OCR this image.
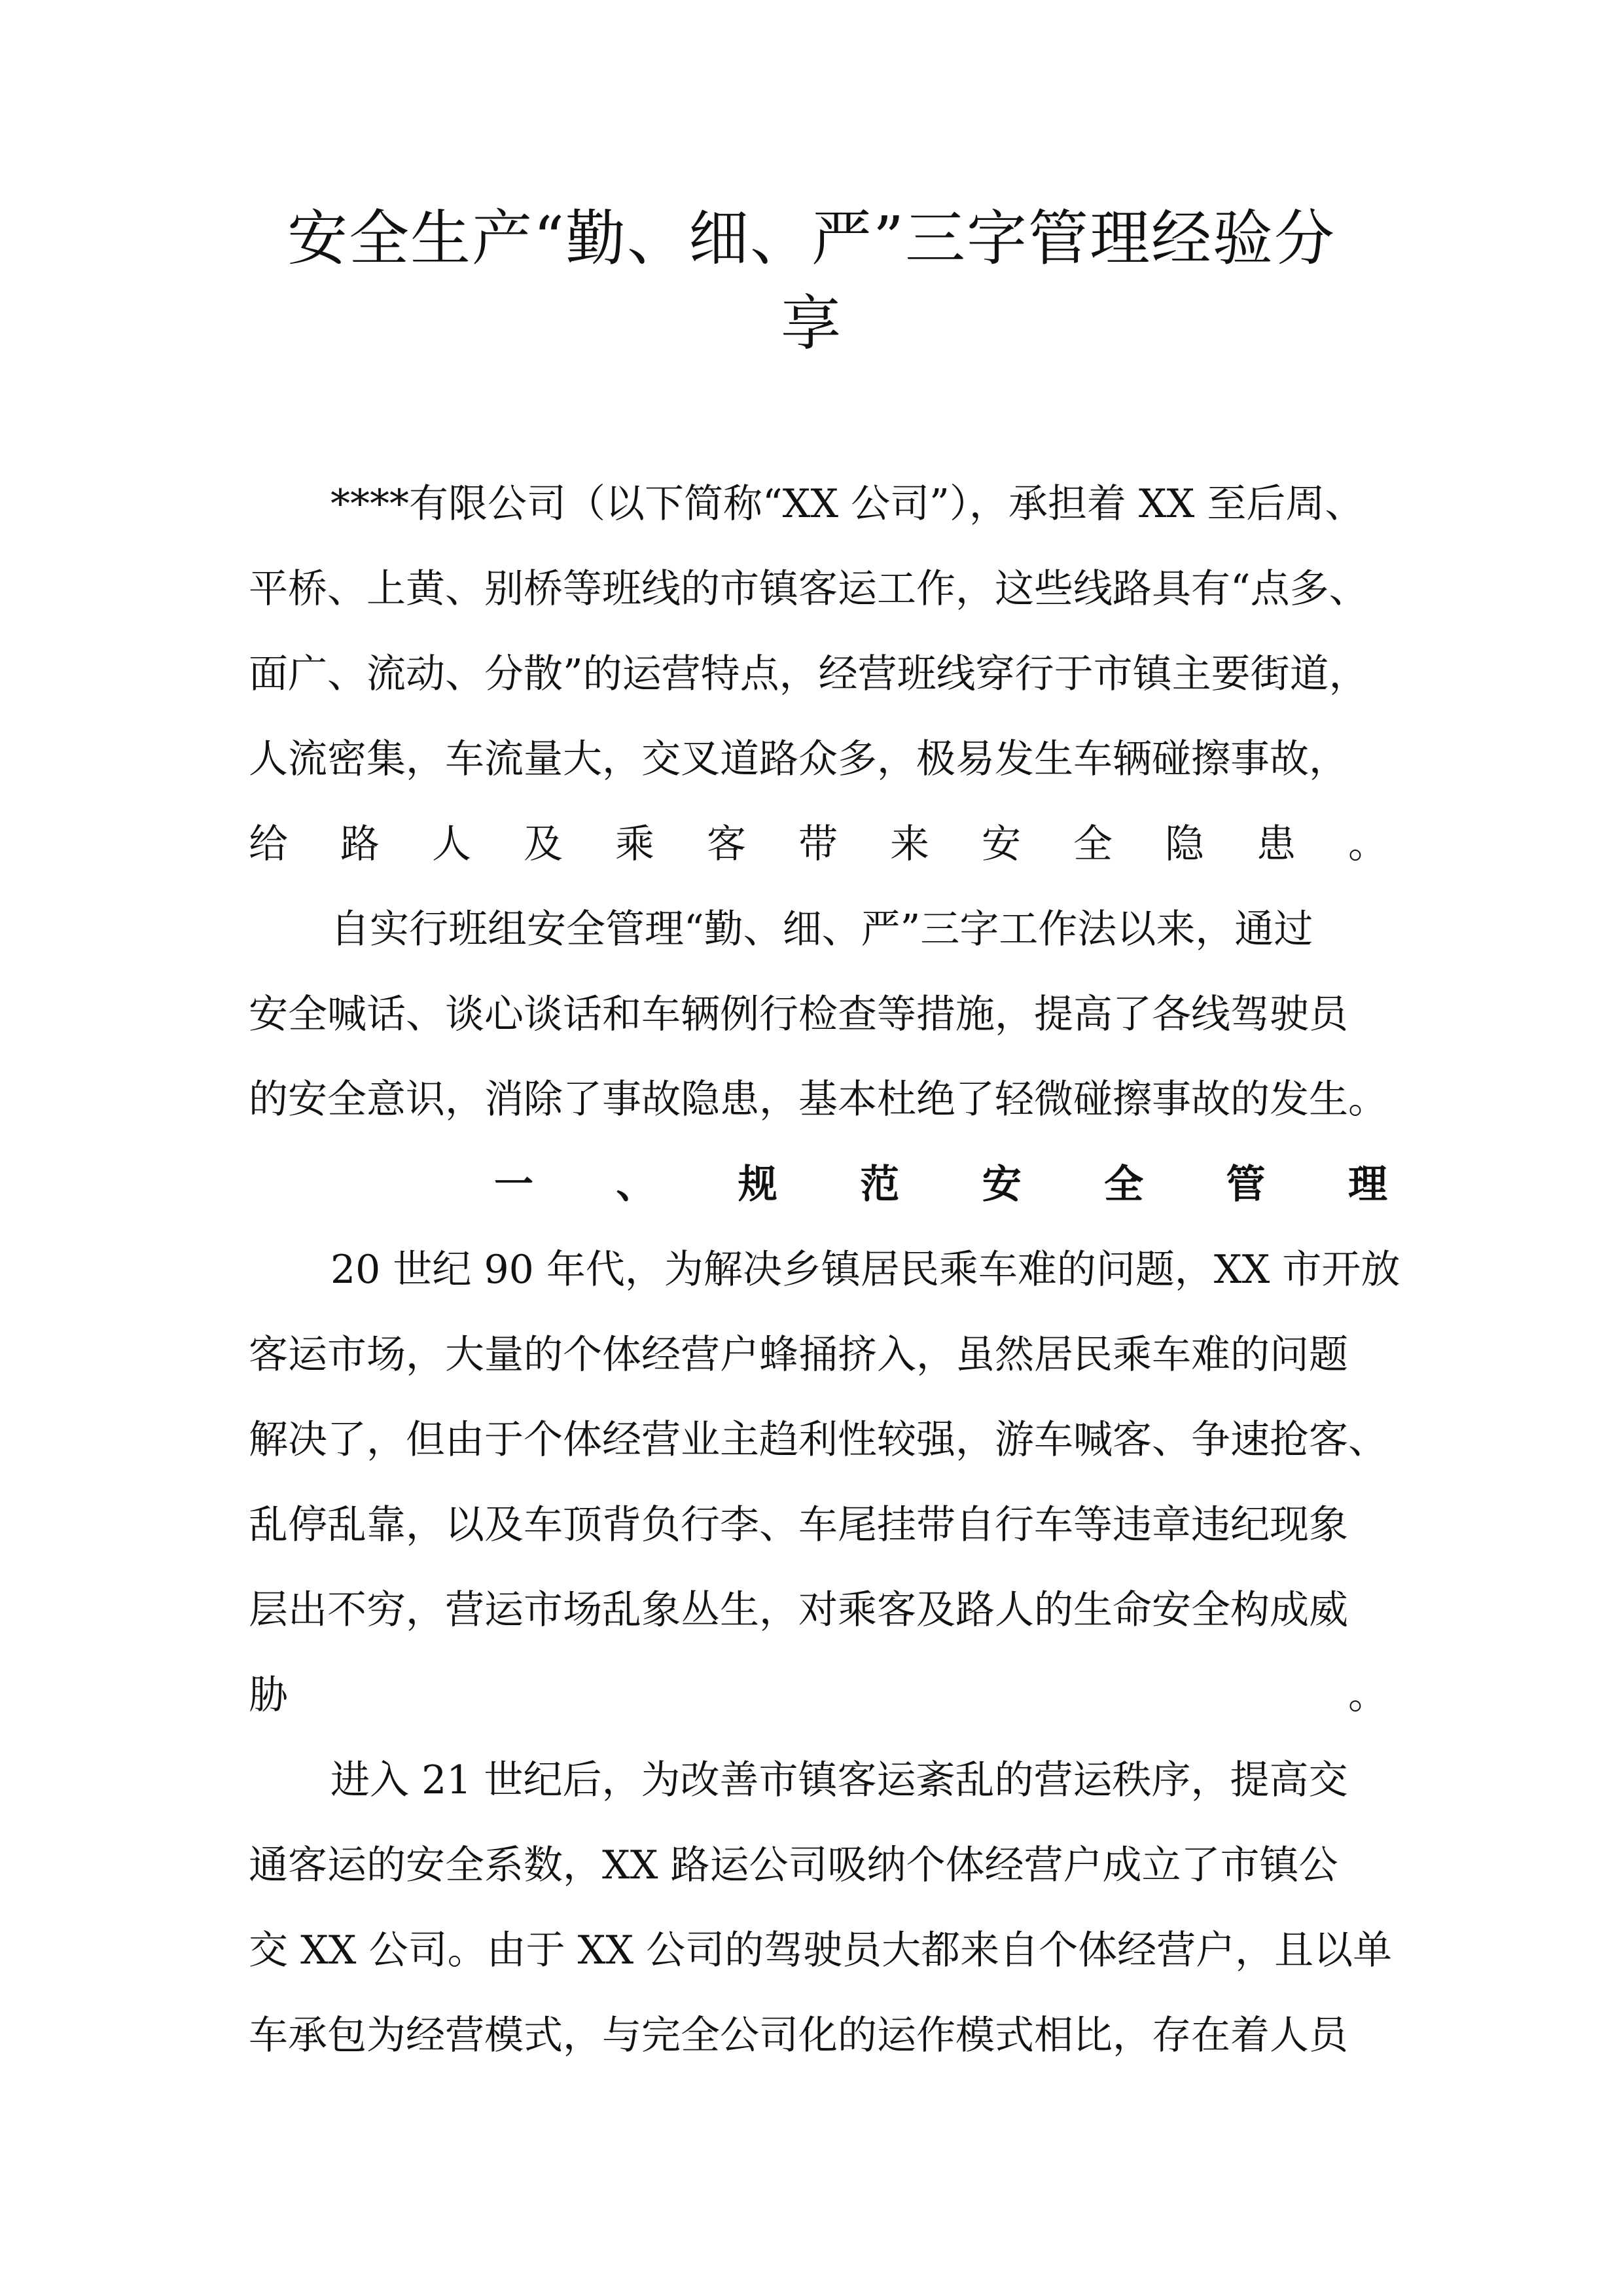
安全生产“勤、细、严”三字管理经验分
享
****有限公司（以下简称“XX 公司”），承担着 XX 至后周、
平桥、上黄、别桥等班线的市镇客运工作，这些线路具有“点多、
面广、流动、分散”的运营特点，经营班线穿行于市镇主要街道，
人流密集，车流量大，交叉道路众多，极易发生车辆碰擦事故，
给 路 人 及 乘 客 带 来 安 全 隐 患 。
自实行班组安全管理“勤、细、严”三字工作法以来，通过
安全喊话、谈心谈话和车辆例行检查等措施，提高了各线驾驶员
的安全意识，消除了事故隐患，基本杜绝了轻微碰擦事故的发生。
一 、 规 范 安 全 管 理
20 世纪 90 年代，为解决乡镇居民乘车难的问题，XX 市开放
客运市场，大量的个体经营户蜂捅挤入，虽然居民乘车难的问题
解决了，但由于个体经营业主趋利性较强，游车喊客、争速抢客、
乱停乱靠，以及车顶背负行李、车尾挂带自行车等违章违纪现象
层出不穷，营运市场乱象丛生，对乘客及路人的生命安全构成威
胁	。
进入 21 世纪后，为改善市镇客运紊乱的营运秩序，提高交
通客运的安全系数，XX 路运公司吸纳个体经营户成立了市镇公
交 XX 公司。由于 XX 公司的驾驶员大都来自个体经营户，且以单
车承包为经营模式，与完全公司化的运作模式相比，存在着人员
